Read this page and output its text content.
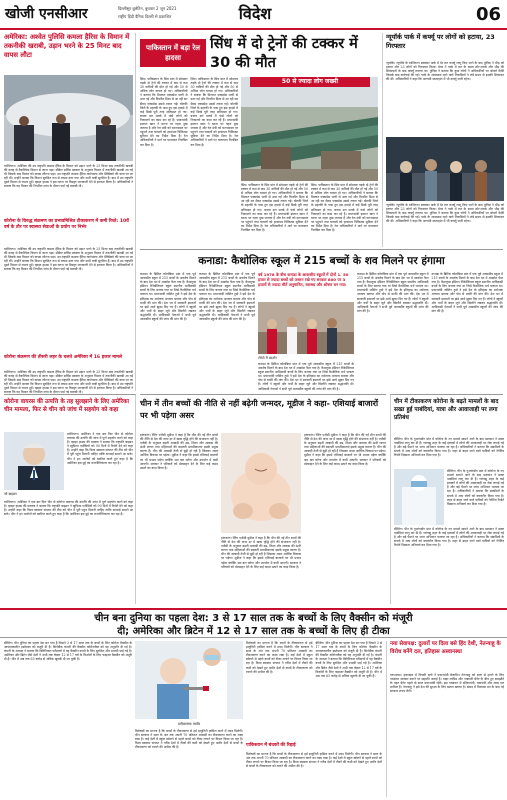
खोजी एनसीआर	दिल्लीसुर बुलेटिन, बुधवार 2 जून 2021
राष्ट्रीय हिंदी दैनिक दिल्ली से प्रकाशित	विदेश	06
अमेरिका: अश्वेत पुलिसि कमला हैरिस के विमान में तकनीकी खराबी, उड़ान भरने के 25 मिनट बाद वापस लौटा
वाशिंगटन। अमेरिका की उप राष्ट्रपति कमला हैरिस के विमान को उड़ान भरने के 25 मिनट बाद तकनीकी खराबी की वजह से वैकल्पिक विमान से जाना पड़ा। सीक्रेट सर्विस प्रवक्ता के अनुसार विमान में तकनीकी खराबी आ गई थी जिसके बाद विमान को वापस लौटना पड़ा। उप राष्ट्रपति कमला हैरिस ग्वाटेमाला और मैक्सिको की यात्रा पर जा रही थीं। उन्होंने बताया कि विमान सुरक्षित रूप से वापस उतर गया और सभी यात्री सुरक्षित हैं। बाद में उप राष्ट्रपति दूसरे विमान से रवाना हुईं। व्हाइट हाउस ने इस घटना पर विस्तृत जानकारी देने से इनकार किया है। अधिकारियों ने बताया कि यह विमान की नियमित जांच के दौरान पाई गई खराबी थी।
कोरोना के विरुद्ध संक्रमण का प्रभावमिश्रित टीकाकरण में कमी रिश्ते: 10वें वर्ष के तौर पर स्वास्थ्य सेवाओं के प्रयोग पर निर्भर
वाशिंगटन। अमेरिका की उप राष्ट्रपति कमला हैरिस के विमान को उड़ान भरने के 25 मिनट बाद तकनीकी खराबी की वजह से वैकल्पिक विमान से जाना पड़ा। सीक्रेट सर्विस प्रवक्ता के अनुसार विमान में तकनीकी खराबी आ गई थी जिसके बाद विमान को वापस लौटना पड़ा। उप राष्ट्रपति कमला हैरिस ग्वाटेमाला और मैक्सिको की यात्रा पर जा रही थीं। उन्होंने बताया कि विमान सुरक्षित रूप से वापस उतर गया और सभी यात्री सुरक्षित हैं। बाद में उप राष्ट्रपति दूसरे विमान से रवाना हुईं। व्हाइट हाउस ने इस घटना पर विस्तृत जानकारी देने से इनकार किया है। अधिकारियों ने बताया कि यह विमान की नियमित जांच के दौरान पाई गई खराबी थी।
कोरोना संक्रमण की तीसरी लहर के चलते अमेरिका में 16 हजार मामले
वाशिंगटन। अमेरिका की उप राष्ट्रपति कमला हैरिस के विमान को उड़ान भरने के 25 मिनट बाद तकनीकी खराबी की वजह से वैकल्पिक विमान से जाना पड़ा। सीक्रेट सर्विस प्रवक्ता के अनुसार विमान में तकनीकी खराबी आ गई थी जिसके बाद विमान को वापस लौटना पड़ा। उप राष्ट्रपति कमला हैरिस ग्वाटेमाला और मैक्सिको की यात्रा पर जा रही थीं। उन्होंने बताया कि विमान सुरक्षित रूप से वापस उतर गया और सभी यात्री सुरक्षित हैं। बाद में उप राष्ट्रपति दूसरे विमान से रवाना हुईं। व्हाइट हाउस ने इस घटना पर विस्तृत जानकारी देने से इनकार किया है। अधिकारियों ने बताया कि यह विमान की नियमित जांच के दौरान पाई गई खराबी थी।
पाकिस्तान में बड़ा रेल हादसा
सिंध में दो ट्रेनों की टक्कर में 30 की मौत
सिंध। पाकिस्तान के सिंध प्रांत में सोमवार तड़के दो ट्रेनों की टक्कर में कम से कम 30 यात्रियों की मौत हो गई और 50 से अधिक लोग घायल हो गए। अधिकारियों ने बताया कि मिल्लत एक्सप्रेस पटरी से उतर गई और विपरीत दिशा से आ रही सर सैयद एक्सप्रेस उससे टकरा गई। घोटकी जिले के डहरकी के पास हुए इस हादसे में कई डिब्बे पूरी तरह क्षतिग्रस्त हो गए। बचाव दल मलबे में फंसे लोगों को निकालने का काम कर रहे हैं। प्रधानमंत्री इमरान खान ने घटना पर गहरा दुख जताया है और रेल मंत्री को घटनास्थल पर पहुंचने तथा घायलों को हरसंभव चिकित्सा सुविधा देने का निर्देश दिया है। रेल अधिकारियों ने मार्ग पर यातायात निलंबित कर दिया है।
सिंध। पाकिस्तान के सिंध प्रांत में सोमवार तड़के दो ट्रेनों की टक्कर में कम से कम 30 यात्रियों की मौत हो गई और 50 से अधिक लोग घायल हो गए। अधिकारियों ने बताया कि मिल्लत एक्सप्रेस पटरी से उतर गई और विपरीत दिशा से आ रही सर सैयद एक्सप्रेस उससे टकरा गई। घोटकी जिले के डहरकी के पास हुए इस हादसे में कई डिब्बे पूरी तरह क्षतिग्रस्त हो गए। बचाव दल मलबे में फंसे लोगों को निकालने का काम कर रहे हैं। प्रधानमंत्री इमरान खान ने घटना पर गहरा दुख जताया है और रेल मंत्री को घटनास्थल पर पहुंचने तथा घायलों को हरसंभव चिकित्सा सुविधा देने का निर्देश दिया है। रेल अधिकारियों ने मार्ग पर यातायात निलंबित कर दिया है।
50 से ज्यादा लोग जख्मी
सिंध। पाकिस्तान के सिंध प्रांत में सोमवार तड़के दो ट्रेनों की टक्कर में कम से कम 30 यात्रियों की मौत हो गई और 50 से अधिक लोग घायल हो गए। अधिकारियों ने बताया कि मिल्लत एक्सप्रेस पटरी से उतर गई और विपरीत दिशा से आ रही सर सैयद एक्सप्रेस उससे टकरा गई। घोटकी जिले के डहरकी के पास हुए इस हादसे में कई डिब्बे पूरी तरह क्षतिग्रस्त हो गए। बचाव दल मलबे में फंसे लोगों को निकालने का काम कर रहे हैं। प्रधानमंत्री इमरान खान ने घटना पर गहरा दुख जताया है और रेल मंत्री को घटनास्थल पर पहुंचने तथा घायलों को हरसंभव चिकित्सा सुविधा देने का निर्देश दिया है। रेल अधिकारियों ने मार्ग पर यातायात निलंबित कर दिया है।
सिंध। पाकिस्तान के सिंध प्रांत में सोमवार तड़के दो ट्रेनों की टक्कर में कम से कम 30 यात्रियों की मौत हो गई और 50 से अधिक लोग घायल हो गए। अधिकारियों ने बताया कि मिल्लत एक्सप्रेस पटरी से उतर गई और विपरीत दिशा से आ रही सर सैयद एक्सप्रेस उससे टकरा गई। घोटकी जिले के डहरकी के पास हुए इस हादसे में कई डिब्बे पूरी तरह क्षतिग्रस्त हो गए। बचाव दल मलबे में फंसे लोगों को निकालने का काम कर रहे हैं। प्रधानमंत्री इमरान खान ने घटना पर गहरा दुख जताया है और रेल मंत्री को घटनास्थल पर पहुंचने तथा घायलों को हरसंभव चिकित्सा सुविधा देने का निर्देश दिया है। रेल अधिकारियों ने मार्ग पर यातायात निलंबित कर दिया है।
न्यूयॉर्क पार्क में कर्फ्यू पर लोगों को हटाया, 23 गिरफ्तार
न्यूयॉर्क। न्यूयॉर्क के वाशिंगटन स्क्वायर पार्क में देर रात कर्फ्यू लागू किए जाने के बाद पुलिस ने भीड़ को हटाया और 23 लोगों को गिरफ्तार किया। मेयर ने पार्क में रात के समय शोर-शराबे और भीड़ की शिकायतों के बाद कर्फ्यू लगाया था। पुलिस ने बताया कि कुछ लोगों ने अधिकारियों पर बोतलें फेंकीं जिसके बाद कार्रवाई की गई। पार्क के आसपास रहने वाले निवासियों ने लंबे समय से इसकी शिकायत की थी। अधिकारियों ने कहा कि आगामी सप्ताहांत में भी कर्फ्यू जारी रहेगा।
न्यूयॉर्क। न्यूयॉर्क के वाशिंगटन स्क्वायर पार्क में देर रात कर्फ्यू लागू किए जाने के बाद पुलिस ने भीड़ को हटाया और 23 लोगों को गिरफ्तार किया। मेयर ने पार्क में रात के समय शोर-शराबे और भीड़ की शिकायतों के बाद कर्फ्यू लगाया था। पुलिस ने बताया कि कुछ लोगों ने अधिकारियों पर बोतलें फेंकीं जिसके बाद कार्रवाई की गई। पार्क के आसपास रहने वाले निवासियों ने लंबे समय से इसकी शिकायत की थी। अधिकारियों ने कहा कि आगामी सप्ताहांत में भी कर्फ्यू जारी रहेगा।
कनाडा: कैथोलिक स्कूल में 215 बच्चों के शव मिलने पर हंगामा
कनाडा के ब्रिटिश कोलंबिया प्रांत में एक पूर्व आवासीय स्कूल में 215 बच्चों के अवशेष मिलने के बाद देश भर में आक्रोश फैल गया है। कैमलूप्स इंडियन रेजिडेंशियल स्कूल स्थानीय आदिवासी बच्चों के लिए बनाया गया था जिसे कैथोलिक चर्च चलाता था। प्रधानमंत्री जस्टिन ट्रूडो ने इसे देश के इतिहास का शर्मनाक अध्याय बताया और पोप से माफी की मांग की। देश भर में सरकारी इमारतों पर झंडे आधे झुका दिए गए हैं। लोगों ने स्कूलों और चर्चों के बाहर जूते और खिलौने रखकर श्रद्धांजलि दी। आदिवासी नेताओं ने सभी पूर्व आवासीय स्कूलों की जांच की मांग की है।
कनाडा के ब्रिटिश कोलंबिया प्रांत में एक पूर्व आवासीय स्कूल में 215 बच्चों के अवशेष मिलने के बाद देश भर में आक्रोश फैल गया है। कैमलूप्स इंडियन रेजिडेंशियल स्कूल स्थानीय आदिवासी बच्चों के लिए बनाया गया था जिसे कैथोलिक चर्च चलाता था। प्रधानमंत्री जस्टिन ट्रूडो ने इसे देश के इतिहास का शर्मनाक अध्याय बताया और पोप से माफी की मांग की। देश भर में सरकारी इमारतों पर झंडे आधे झुका दिए गए हैं। लोगों ने स्कूलों और चर्चों के बाहर जूते और खिलौने रखकर श्रद्धांजलि दी। आदिवासी नेताओं ने सभी पूर्व आवासीय स्कूलों की जांच की मांग की है।
वर्ष 1978 के बीच कनाडा के आवासीय स्कूलों में दोनों 1. 50 हजार से ज्यादा बच्चों को जबरन रखे गए सरकार 800 पर 3 हजारों से ज्यादा मौतें अनुमानित, स्वास्थ्य और शोषण बन गया।
टोरंटो में प्रदर्शन
कनाडा के ब्रिटिश कोलंबिया प्रांत में एक पूर्व आवासीय स्कूल में 215 बच्चों के अवशेष मिलने के बाद देश भर में आक्रोश फैल गया है। कैमलूप्स इंडियन रेजिडेंशियल स्कूल स्थानीय आदिवासी बच्चों के लिए बनाया गया था जिसे कैथोलिक चर्च चलाता था। प्रधानमंत्री जस्टिन ट्रूडो ने इसे देश के इतिहास का शर्मनाक अध्याय बताया और पोप से माफी की मांग की। देश भर में सरकारी इमारतों पर झंडे आधे झुका दिए गए हैं। लोगों ने स्कूलों और चर्चों के बाहर जूते और खिलौने रखकर श्रद्धांजलि दी। आदिवासी नेताओं ने सभी पूर्व आवासीय स्कूलों की जांच की मांग की है।
कनाडा के ब्रिटिश कोलंबिया प्रांत में एक पूर्व आवासीय स्कूल में 215 बच्चों के अवशेष मिलने के बाद देश भर में आक्रोश फैल गया है। कैमलूप्स इंडियन रेजिडेंशियल स्कूल स्थानीय आदिवासी बच्चों के लिए बनाया गया था जिसे कैथोलिक चर्च चलाता था। प्रधानमंत्री जस्टिन ट्रूडो ने इसे देश के इतिहास का शर्मनाक अध्याय बताया और पोप से माफी की मांग की। देश भर में सरकारी इमारतों पर झंडे आधे झुका दिए गए हैं। लोगों ने स्कूलों और चर्चों के बाहर जूते और खिलौने रखकर श्रद्धांजलि दी। आदिवासी नेताओं ने सभी पूर्व आवासीय स्कूलों की जांच की मांग की है।
कनाडा के ब्रिटिश कोलंबिया प्रांत में एक पूर्व आवासीय स्कूल में 215 बच्चों के अवशेष मिलने के बाद देश भर में आक्रोश फैल गया है। कैमलूप्स इंडियन रेजिडेंशियल स्कूल स्थानीय आदिवासी बच्चों के लिए बनाया गया था जिसे कैथोलिक चर्च चलाता था। प्रधानमंत्री जस्टिन ट्रूडो ने इसे देश के इतिहास का शर्मनाक अध्याय बताया और पोप से माफी की मांग की। देश भर में सरकारी इमारतों पर झंडे आधे झुका दिए गए हैं। लोगों ने स्कूलों और चर्चों के बाहर जूते और खिलौने रखकर श्रद्धांजलि दी। आदिवासी नेताओं ने सभी पूर्व आवासीय स्कूलों की जांच की मांग की है।
कोरोना वायरस की उत्पत्ति के तह सुलझाने के लिए अमेरिका चीन मामला, फिर से चीन को जांच में सहयोग को कहा
जो बाइडन
वाशिंगटन। अमेरिका ने एक बार फिर चीन से कोरोना वायरस की उत्पत्ति की जांच में पूर्ण सहयोग करने को कहा है। व्हाइट हाउस की प्रवक्ता ने बताया कि राष्ट्रपति बाइडन ने खुफिया एजेंसियों को 90 दिनों में रिपोर्ट देने को कहा है। उन्होंने कहा कि विश्व स्वास्थ्य संगठन की टीम को चीन में पूरी पहुंच मिलनी चाहिए ताकि सच्चाई सामने आ सके। चीन ने इन आरोपों को खारिज करते हुए कहा है कि अमेरिका इस मुद्दे का राजनीतिकरण कर रहा है।
वाशिंगटन। अमेरिका ने एक बार फिर चीन से कोरोना वायरस की उत्पत्ति की जांच में पूर्ण सहयोग करने को कहा है। व्हाइट हाउस की प्रवक्ता ने बताया कि राष्ट्रपति बाइडन ने खुफिया एजेंसियों को 90 दिनों में रिपोर्ट देने को कहा है। उन्होंने कहा कि विश्व स्वास्थ्य संगठन की टीम को चीन में पूरी पहुंच मिलनी चाहिए ताकि सच्चाई सामने आ सके। चीन ने इन आरोपों को खारिज करते हुए कहा है कि अमेरिका इस मुद्दे का राजनीतिकरण कर रहा है।
चीन में तीन बच्चों की नीति से नहीं बढ़ेगी जन्मदर, मूडीज ने कहा- एशियाई बाजारों पर भी पड़ेगा असर
हांगकांग। रेटिंग एजेंसी मूडीज ने कहा है कि चीन की नई तीन बच्चों की नीति से देश की जन्म दर में खास वृद्धि होने की संभावना नहीं है। एजेंसी के अनुसार बढ़ती आबादी की उम्र, शिक्षा और आवास की ऊंची लागत तथा महिलाओं की बदलती प्राथमिकताएं इसके प्रमुख कारण हैं। चीन की आबादी तेजी से बूढ़ी हो रही है जिसका असर आर्थिक विकास पर पड़ेगा। मूडीज ने कहा कि इससे एशियाई बाजारों पर भी प्रभाव पड़ेगा क्योंकि श्रम बल घटेगा और उपभोग में कमी आएगी। सरकार ने परिवारों को प्रोत्साहन देने के लिए कई कदम उठाने का वादा किया है।
हांगकांग। रेटिंग एजेंसी मूडीज ने कहा है कि चीन की नई तीन बच्चों की नीति से देश की जन्म दर में खास वृद्धि होने की संभावना नहीं है। एजेंसी के अनुसार बढ़ती आबादी की उम्र, शिक्षा और आवास की ऊंची लागत तथा महिलाओं की बदलती प्राथमिकताएं इसके प्रमुख कारण हैं। चीन की आबादी तेजी से बूढ़ी हो रही है जिसका असर आर्थिक विकास पर पड़ेगा। मूडीज ने कहा कि इससे एशियाई बाजारों पर भी प्रभाव पड़ेगा क्योंकि श्रम बल घटेगा और उपभोग में कमी आएगी। सरकार ने परिवारों को प्रोत्साहन देने के लिए कई कदम उठाने का वादा किया है।
हांगकांग। रेटिंग एजेंसी मूडीज ने कहा है कि चीन की नई तीन बच्चों की नीति से देश की जन्म दर में खास वृद्धि होने की संभावना नहीं है। एजेंसी के अनुसार बढ़ती आबादी की उम्र, शिक्षा और आवास की ऊंची लागत तथा महिलाओं की बदलती प्राथमिकताएं इसके प्रमुख कारण हैं। चीन की आबादी तेजी से बूढ़ी हो रही है जिसका असर आर्थिक विकास पर पड़ेगा। मूडीज ने कहा कि इससे एशियाई बाजारों पर भी प्रभाव पड़ेगा क्योंकि श्रम बल घटेगा और उपभोग में कमी आएगी। सरकार ने परिवारों को प्रोत्साहन देने के लिए कई कदम उठाने का वादा किया है।
चीन में टीकाकरण कोरोना के बढ़ते मामलों के बाद सख्त हुई पाबंदियां, यात्रा और आवाजाही पर लगा प्रतिबंध
बीजिंग। चीन के गुआंगडोंग प्रांत में कोरोना के नए मामले सामने आने के बाद प्रशासन ने सख्त पाबंदियां लागू कर दी हैं। ग्वांगझू शहर के कई इलाकों में लोगों की आवाजाही पर रोक लगाई गई है और बड़े पैमाने पर जांच अभियान चलाया जा रहा है। अधिकारियों ने बताया कि संक्रमितों के संपर्क में आए लोगों को क्वारंटीन किया गया है। शहर से बाहर जाने वाले यात्रियों को नेगेटिव रिपोर्ट दिखाना अनिवार्य कर दिया गया है।
बीजिंग। चीन के गुआंगडोंग प्रांत में कोरोना के नए मामले सामने आने के बाद प्रशासन ने सख्त पाबंदियां लागू कर दी हैं। ग्वांगझू शहर के कई इलाकों में लोगों की आवाजाही पर रोक लगाई गई है और बड़े पैमाने पर जांच अभियान चलाया जा रहा है। अधिकारियों ने बताया कि संक्रमितों के संपर्क में आए लोगों को क्वारंटीन किया गया है। शहर से बाहर जाने वाले यात्रियों को नेगेटिव रिपोर्ट दिखाना अनिवार्य कर दिया गया है।
बीजिंग। चीन के गुआंगडोंग प्रांत में कोरोना के नए मामले सामने आने के बाद प्रशासन ने सख्त पाबंदियां लागू कर दी हैं। ग्वांगझू शहर के कई इलाकों में लोगों की आवाजाही पर रोक लगाई गई है और बड़े पैमाने पर जांच अभियान चलाया जा रहा है। अधिकारियों ने बताया कि संक्रमितों के संपर्क में आए लोगों को क्वारंटीन किया गया है। शहर से बाहर जाने वाले यात्रियों को नेगेटिव रिपोर्ट दिखाना अनिवार्य कर दिया गया है।
चीन बना दुनिया का पहला देश: 3 से 17 साल तक के बच्चों के लिए वैक्सीन को मंजूरी
दी; अमेरिका और ब्रिटेन में 12 से 17 साल तक के बच्चों के लिए ही टीका
बीजिंग। चीन दुनिया का पहला देश बन गया है जिसने 3 से 17 साल तक के बच्चों के लिए कोरोना वैक्सीन के आपातकालीन इस्तेमाल को मंजूरी दी है। सिनोवैक कंपनी की वैक्सीन कोरोनावैक को यह अनुमति दी गई है। कंपनी के अध्यक्ष ने बताया कि क्लिनिकल परीक्षणों में यह वैक्सीन बच्चों के लिए सुरक्षित और प्रभावी पाई गई है। अमेरिका और ब्रिटेन जैसे देशों ने अभी तक केवल 12 से 17 वर्ष के किशोरों के लिए फाइजर वैक्सीन को मंजूरी दी है। चीन में अब तक 65 करोड़ से अधिक खुराकें दी जा चुकी हैं।
प्रतीकात्मक तस्वीर
विशेषज्ञों का मानना है कि बच्चों के टीकाकरण से हर्ड इम्युनिटी हासिल करने में मदद मिलेगी। चीन सरकार ने साल के अंत तक अपनी 70 प्रतिशत आबादी का टीकाकरण करने का लक्ष्य रखा है। कई देशों में स्कूल खोलने से पहले बच्चों को टीका लगाने पर विचार किया जा रहा है। विश्व स्वास्थ्य संगठन ने गरीब देशों में टीकों की कमी को देखते हुए अमीर देशों से बच्चों के टीकाकरण को टालने की अपील की है।
विशेषज्ञों का मानना है कि बच्चों के टीकाकरण से हर्ड इम्युनिटी हासिल करने में मदद मिलेगी। चीन सरकार ने साल के अंत तक अपनी 70 प्रतिशत आबादी का टीकाकरण करने का लक्ष्य रखा है। कई देशों में स्कूल खोलने से पहले बच्चों को टीका लगाने पर विचार किया जा रहा है। विश्व स्वास्थ्य संगठन ने गरीब देशों में टीकों की कमी को देखते हुए अमीर देशों से बच्चों के टीकाकरण को टालने की अपील की है।
बीजिंग। चीन दुनिया का पहला देश बन गया है जिसने 3 से 17 साल तक के बच्चों के लिए कोरोना वैक्सीन के आपातकालीन इस्तेमाल को मंजूरी दी है। सिनोवैक कंपनी की वैक्सीन कोरोनावैक को यह अनुमति दी गई है। कंपनी के अध्यक्ष ने बताया कि क्लिनिकल परीक्षणों में यह वैक्सीन बच्चों के लिए सुरक्षित और प्रभावी पाई गई है। अमेरिका और ब्रिटेन जैसे देशों ने अभी तक केवल 12 से 17 वर्ष के किशोरों के लिए फाइजर वैक्सीन को मंजूरी दी है। चीन में अब तक 65 करोड़ से अधिक खुराकें दी जा चुकी हैं।
पाकिस्तान में बंधकों की रिहाई
विशेषज्ञों का मानना है कि बच्चों के टीकाकरण से हर्ड इम्युनिटी हासिल करने में मदद मिलेगी। चीन सरकार ने साल के अंत तक अपनी 70 प्रतिशत आबादी का टीकाकरण करने का लक्ष्य रखा है। कई देशों में स्कूल खोलने से पहले बच्चों को टीका लगाने पर विचार किया जा रहा है। विश्व स्वास्थ्य संगठन ने गरीब देशों में टीकों की कमी को देखते हुए अमीर देशों से बच्चों के टीकाकरण को टालने की अपील की है।
नया सेवापक्ष: दुलारों पर दिला बसे हिंद देशी, नेतन्याहू के विरोध बनेंगे दल, इतिहास अस्वानस्था
यरूशलम। इजराइल में विपक्षी दलों ने प्रधानमंत्री बेंजामिन नेतन्याहू को सत्ता से हटाने के लिए गठबंधन सरकार बनाने पर सहमति जताई है। याइर लापिड और नफ्ताली बेनेट के बीच हुए समझौते के तहत बेनेट पहले दो साल प्रधानमंत्री रहेंगे। इस गठबंधन में दक्षिणपंथी, वामपंथी और अरब दल शामिल हैं। नेतन्याहू ने इसे देश की सुरक्षा के लिए खतरा बताया है। संसद में विश्वास मत के बाद नई सरकार शपथ लेगी।
